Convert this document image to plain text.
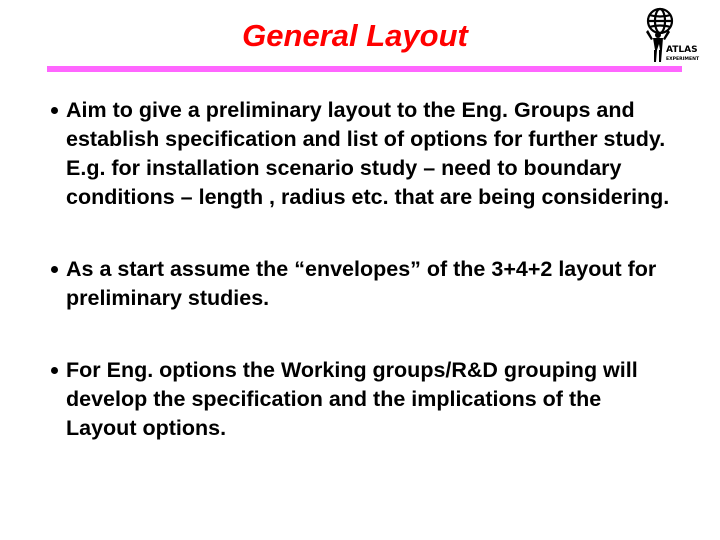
General Layout	ATLAS
EXPERIMENT
Aim to give a preliminary layout to the Eng. Groups and establish specification and list of options for further study. E.g. for installation scenario study – need to boundary conditions – length , radius etc. that are being considering.
As a start assume the “envelopes” of the 3+4+2 layout for preliminary studies.
For Eng. options the Working groups/R&D grouping will develop the specification and the implications of the Layout options.
